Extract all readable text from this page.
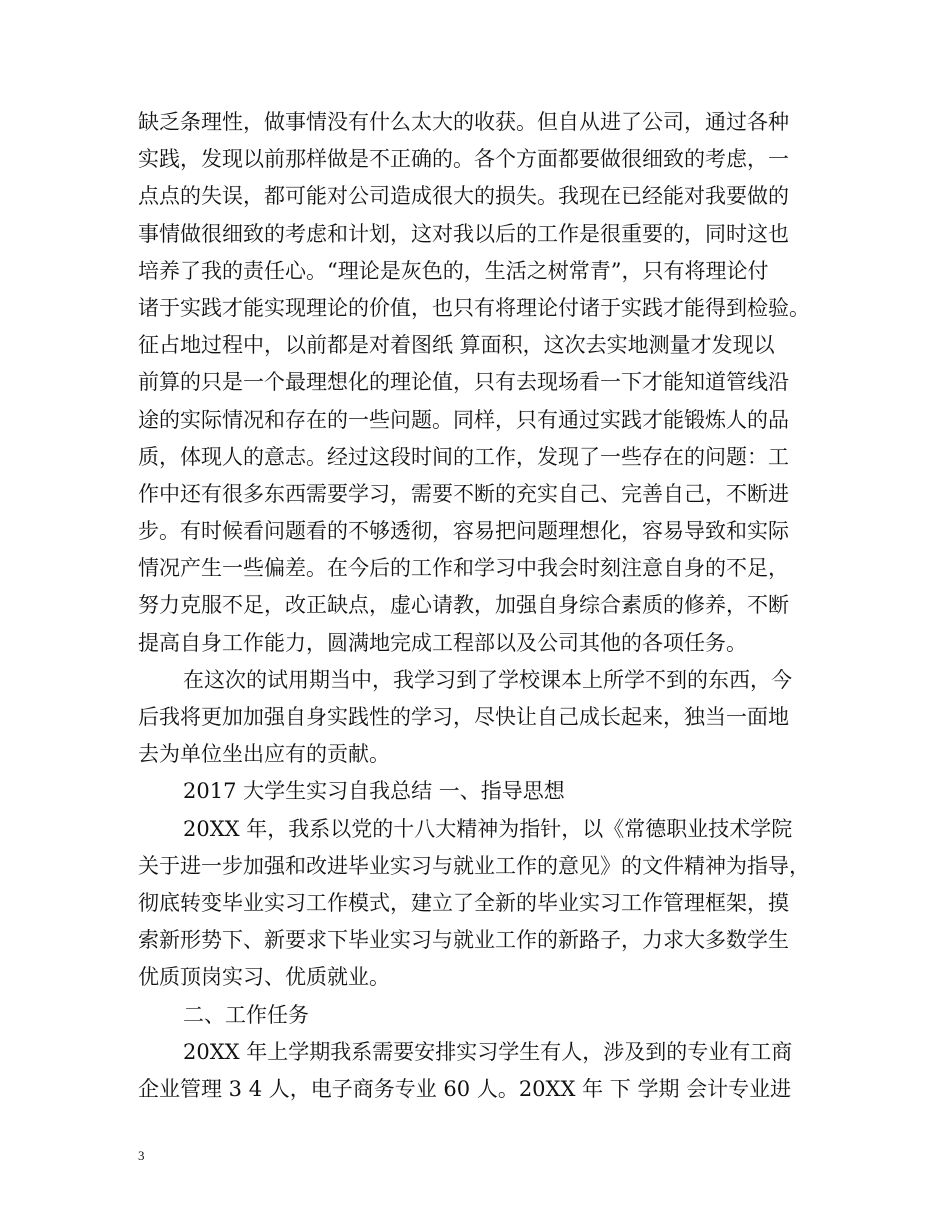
缺乏条理性，做事情没有什么太大的收获。但自从进了公司，通过各种
实践，发现以前那样做是不正确的。各个方面都要做很细致的考虑，一
点点的失误，都可能对公司造成很大的损失。我现在已经能对我要做的
事情做很细致的考虑和计划，这对我以后的工作是很重要的，同时这也
培养了我的责任心。“理论是灰色的，生活之树常青”，只有将理论付
诸于实践才能实现理论的价值，也只有将理论付诸于实践才能得到检验。
征占地过程中，以前都是对着图纸 算面积，这次去实地测量才发现以
前算的只是一个最理想化的理论值，只有去现场看一下才能知道管线沿
途的实际情况和存在的一些问题。同样，只有通过实践才能锻炼人的品
质，体现人的意志。经过这段时间的工作，发现了一些存在的问题：工
作中还有很多东西需要学习，需要不断的充实自己、完善自己，不断进
步。有时候看问题看的不够透彻，容易把问题理想化，容易导致和实际
情况产生一些偏差。在今后的工作和学习中我会时刻注意自身的不足，
努力克服不足，改正缺点，虚心请教，加强自身综合素质的修养，不断
提高自身工作能力，圆满地完成工程部以及公司其他的各项任务。
在这次的试用期当中，我学习到了学校课本上所学不到的东西，今
后我将更加加强自身实践性的学习，尽快让自己成长起来，独当一面地
去为单位坐出应有的贡献。
2017 大学生实习自我总结 一、指导思想
20XX 年，我系以党的十八大精神为指针，以《常德职业技术学院
关于进一步加强和改进毕业实习与就业工作的意见》的文件精神为指导，
彻底转变毕业实习工作模式，建立了全新的毕业实习工作管理框架，摸
索新形势下、新要求下毕业实习与就业工作的新路子，力求大多数学生
优质顶岗实习、优质就业。
二、工作任务
20XX 年上学期我系需要安排实习学生有人，涉及到的专业有工商
企业管理 3 4 人，电子商务专业 60 人。20XX 年 下 学期 会计专业进
3
